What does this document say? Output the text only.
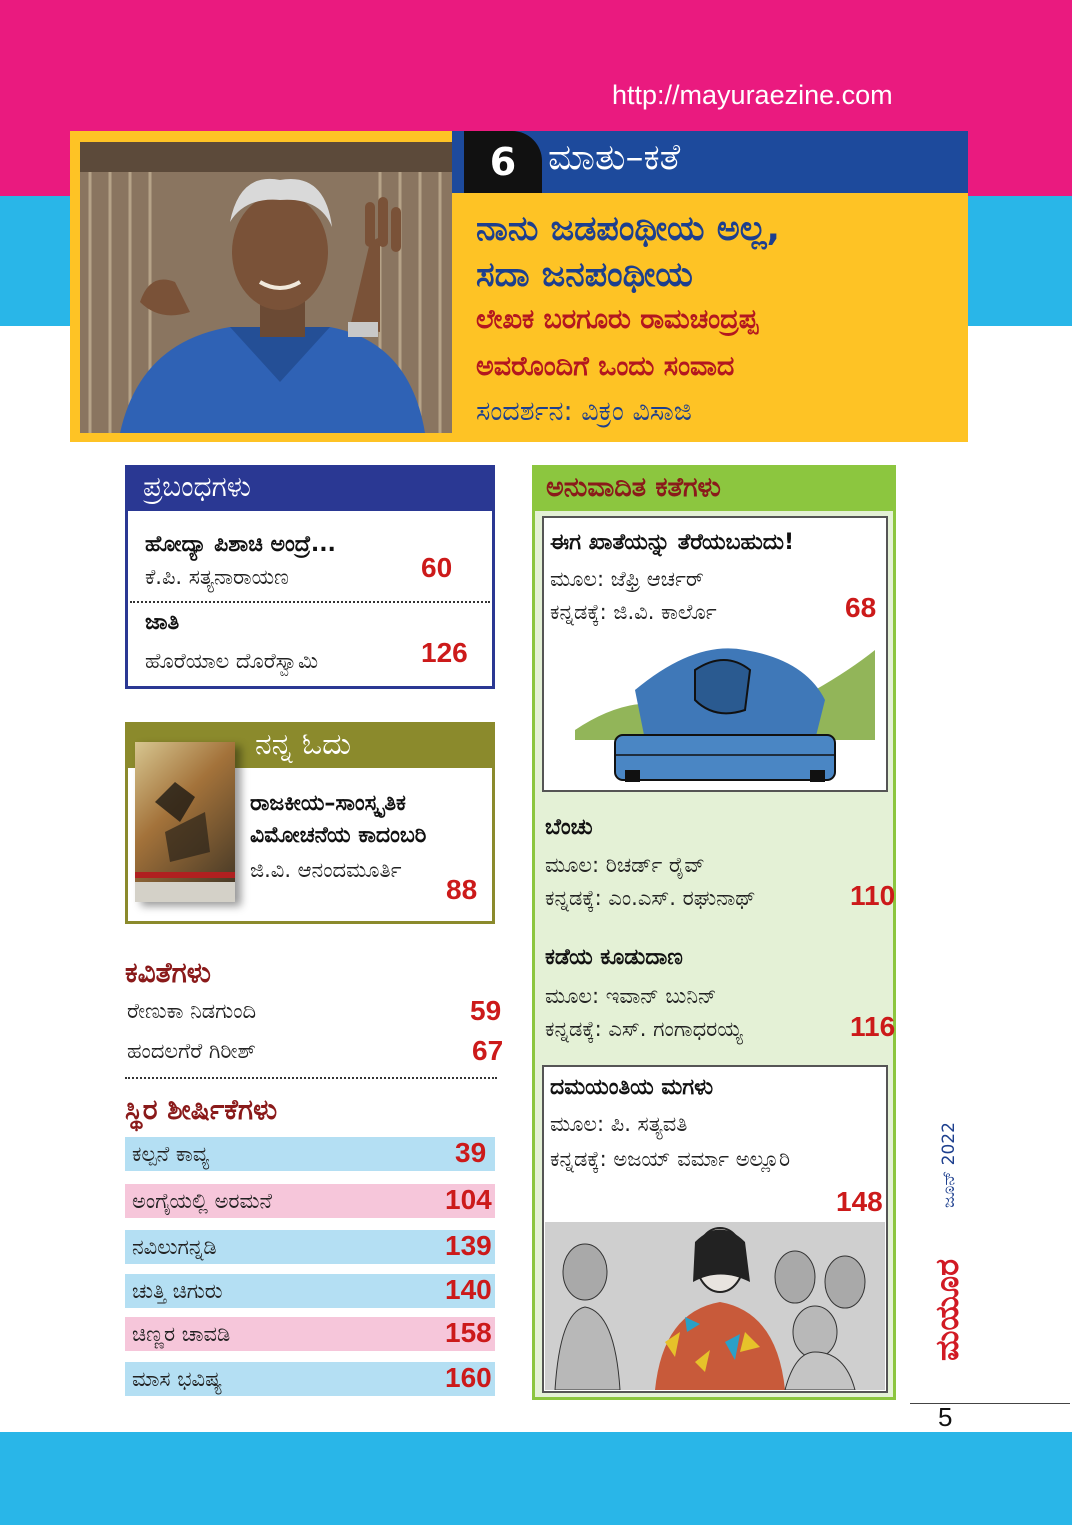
http://mayuraezine.com
6 ಮಾತು–ಕತೆ
ನಾನು ಜಡಪಂಥೀಯ ಅಲ್ಲ,
ಸದಾ ಜನಪಂಥೀಯ
ಲೇಖಕ ಬರಗೂರು ರಾಮಚಂದ್ರಪ್ಪ
ಅವರೊಂದಿಗೆ ಒಂದು ಸಂವಾದ
ಸಂದರ್ಶನ: ವಿಕ್ರಂ ವಿಸಾಜಿ
ಪ್ರಬಂಧಗಳು
ಹೋದ್ಯಾ ಪಿಶಾಚಿ ಅಂದ್ರೆ...
ಕೆ.ಪಿ. ಸತ್ಯನಾರಾಯಣ	60
ಜಾತಿ
ಹೊರೆಯಾಲ ದೊರೆಸ್ವಾಮಿ	126
ನನ್ನ ಓದು
ರಾಜಕೀಯ–ಸಾಂಸ್ಕೃತಿಕ
ವಿಮೋಚನೆಯ ಕಾದಂಬರಿ
ಜಿ.ವಿ. ಆನಂದಮೂರ್ತಿ
88
ಕವಿತೆಗಳು
ರೇಣುಕಾ ನಿಡಗುಂದಿ	59
ಹಂದಲಗೆರೆ ಗಿರೀಶ್	67
ಸ್ಥಿರ ಶೀರ್ಷಿಕೆಗಳು
ಕಲ್ಪನೆ ಕಾವ್ಯ	39
ಅಂಗೈಯಲ್ಲಿ ಅರಮನೆ	104
ನವಿಲುಗನ್ನಡಿ	139
ಚುತ್ತಿ ಚಿಗುರು	140
ಚಿಣ್ಣರ ಚಾವಡಿ	158
ಮಾಸ ಭವಿಷ್ಯ	160
ಅನುವಾದಿತ ಕತೆಗಳು
ಈಗ ಖಾತೆಯನ್ನು ತೆರೆಯಬಹುದು!
ಮೂಲ: ಜೆಫ್ರಿ ಆರ್ಚರ್
ಕನ್ನಡಕ್ಕೆ: ಜಿ.ವಿ. ಕಾರ್ಲೊ	68
ಬೆಂಚು
ಮೂಲ: ರಿಚರ್ಡ್ ರೈವ್
ಕನ್ನಡಕ್ಕೆ: ಎಂ.ಎಸ್. ರಘುನಾಥ್	110
ಕಡೆಯ ಕೂಡುದಾಣ
ಮೂಲ: ಇವಾನ್ ಬುನಿನ್
ಕನ್ನಡಕ್ಕೆ: ಎಸ್. ಗಂಗಾಧರಯ್ಯ	116
ದಮಯಂತಿಯ ಮಗಳು
ಮೂಲ: ಪಿ. ಸತ್ಯವತಿ
ಕನ್ನಡಕ್ಕೆ: ಅಜಯ್ ವರ್ಮಾ ಅಲ್ಲೂರಿ
148	ಜೂನ್ 2022
ಮಯೂರ
5
